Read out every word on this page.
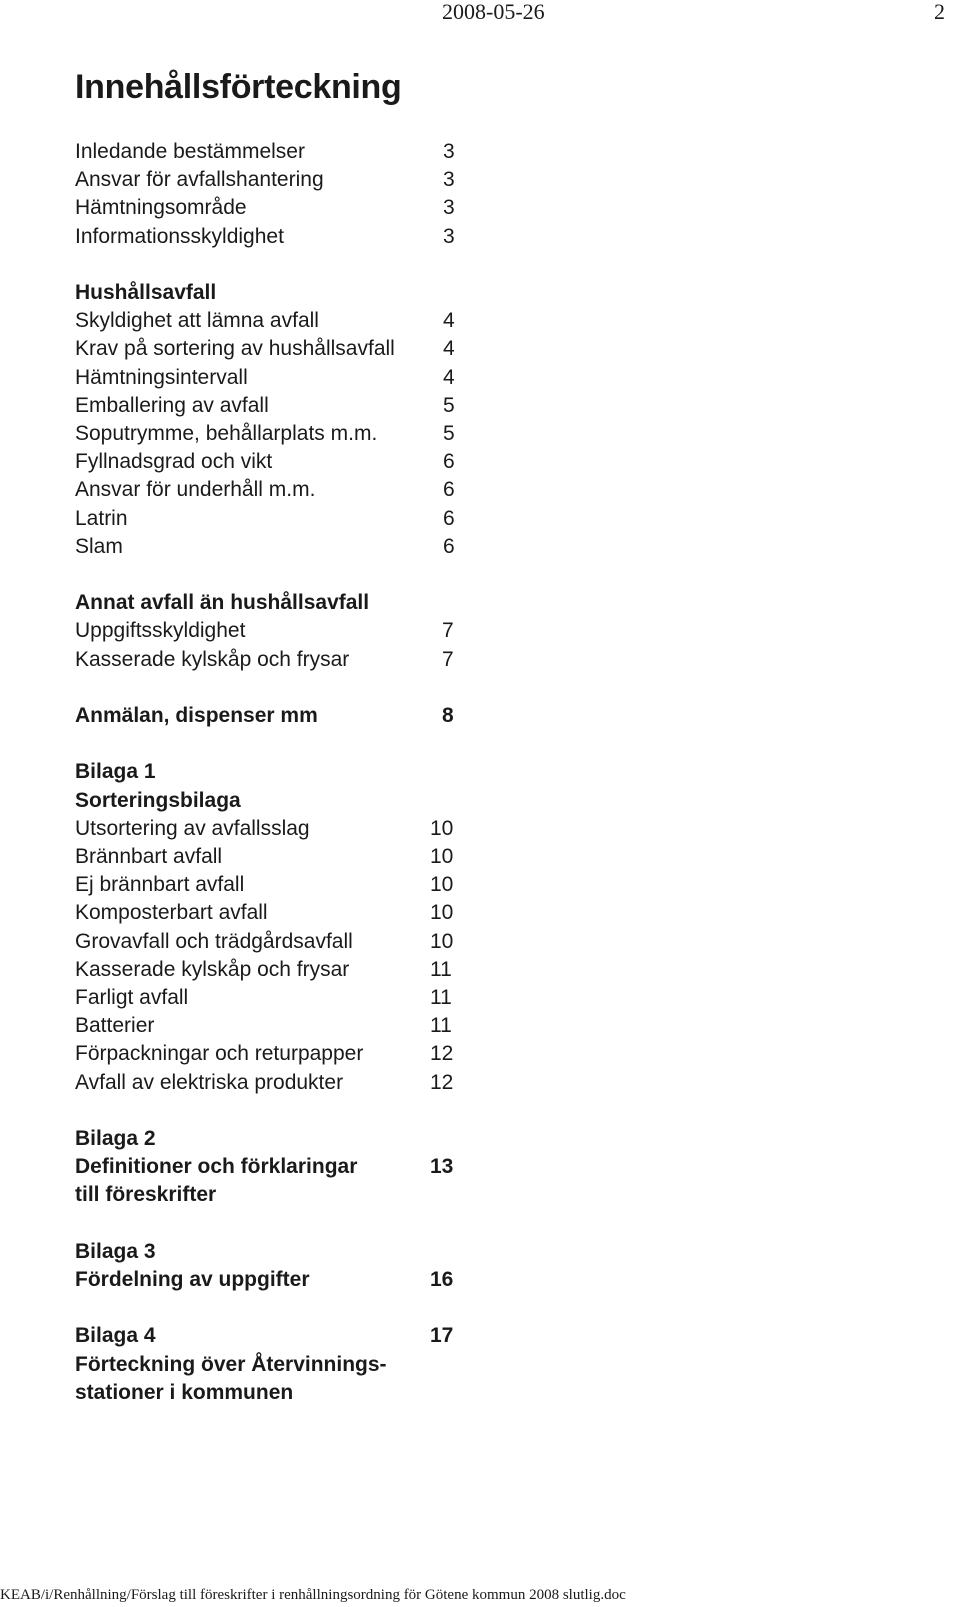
2008-05-26	2
Innehållsförteckning
Inledande bestämmelser	3
Ansvar för avfallshantering	3
Hämtningsområde	3
Informationsskyldighet	3
Hushållsavfall
Skyldighet att lämna avfall	4
Krav på sortering av hushållsavfall 4
Hämtningsintervall	4
Emballering av avfall	5
Soputrymme, behållarplats m.m.	5
Fyllnadsgrad och vikt	6
Ansvar för underhåll m.m.	6
Latrin	6
Slam	6
Annat avfall än hushållsavfall
Uppgiftsskyldighet	7
Kasserade kylskåp och frysar	7
Anmälan, dispenser mm	8
Bilaga 1
Sorteringsbilaga
Utsortering av avfallsslag	10
Brännbart avfall	10
Ej brännbart avfall	10
Komposterbart avfall	10
Grovavfall och trädgårdsavfall	10
Kasserade kylskåp och frysar	11
Farligt avfall	11
Batterier	11
Förpackningar och returpapper	12
Avfall av elektriska produkter	12
Bilaga 2
Definitioner och förklaringar	13
till föreskrifter
Bilaga 3
Fördelning av uppgifter	16
Bilaga 4	17
Förteckning över Återvinnings-
stationer i kommunen
KEAB/i/Renhållning/Förslag till föreskrifter i renhållningsordning för Götene kommun 2008 slutlig.doc
